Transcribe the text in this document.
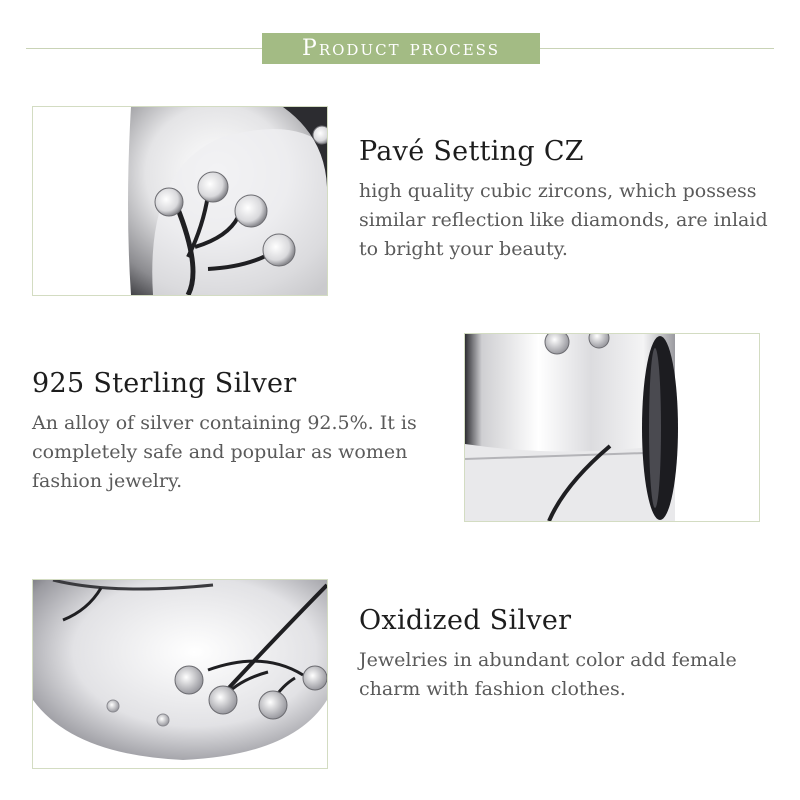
Product process
Pavé Setting CZ

high quality cubic zircons, which possess similar reflection like diamonds, are inlaid to bright your beauty.

925 Sterling Silver

An alloy of silver containing 92.5%. It is completely safe and popular as women fashion jewelry.

Oxidized Silver

Jewelries in abundant color add female charm with fashion clothes.
